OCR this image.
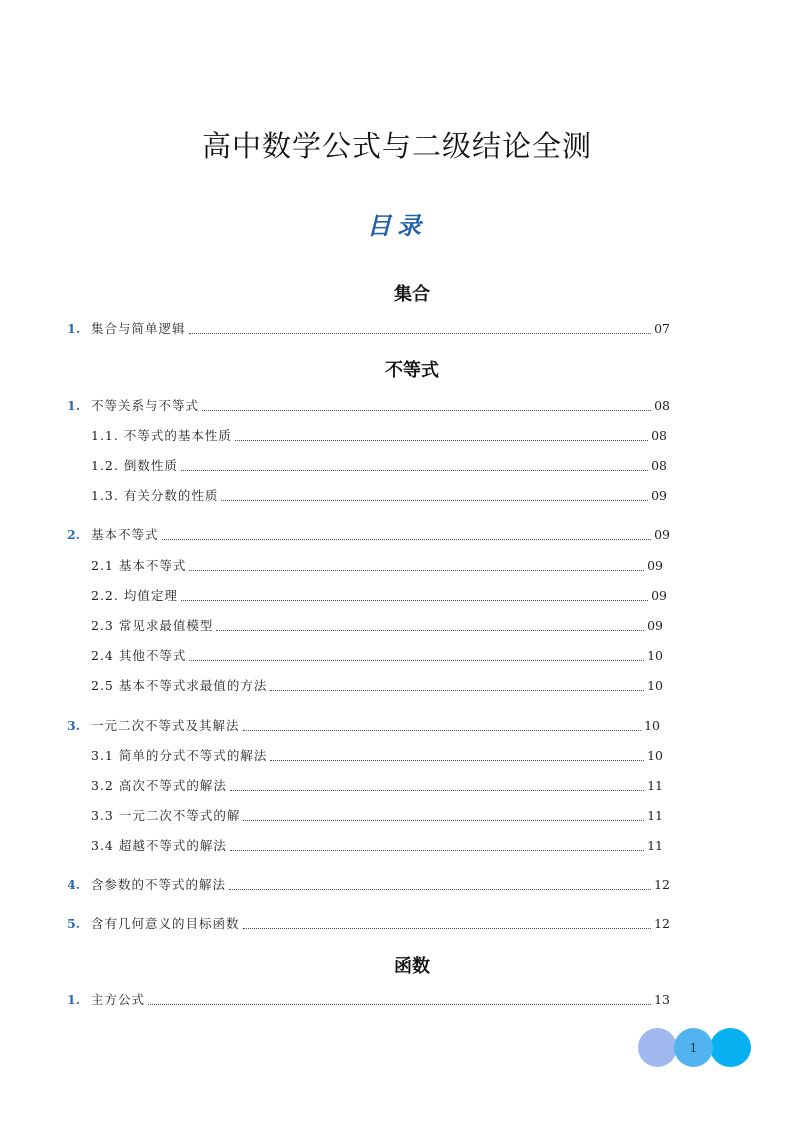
高中数学公式与二级结论全测
目录
集合
1. 集合与简单逻辑	07
不等式
1. 不等关系与不等式	08
1.1. 不等式的基本性质	08
1.2. 倒数性质	08
1.3. 有关分数的性质	09
2. 基本不等式	09
2.1 基本不等式	09
2.2. 均值定理	09
2.3 常见求最值模型	09
2.4 其他不等式	10
2.5 基本不等式求最值的方法	10
3. 一元二次不等式及其解法	10
3.1 简单的分式不等式的解法	10
3.2 高次不等式的解法	11
3.3 一元二次不等式的解	11
3.4 超越不等式的解法	11
4. 含参数的不等式的解法	12
5. 含有几何意义的目标函数	12
函数
1. 主方公式	13
1
